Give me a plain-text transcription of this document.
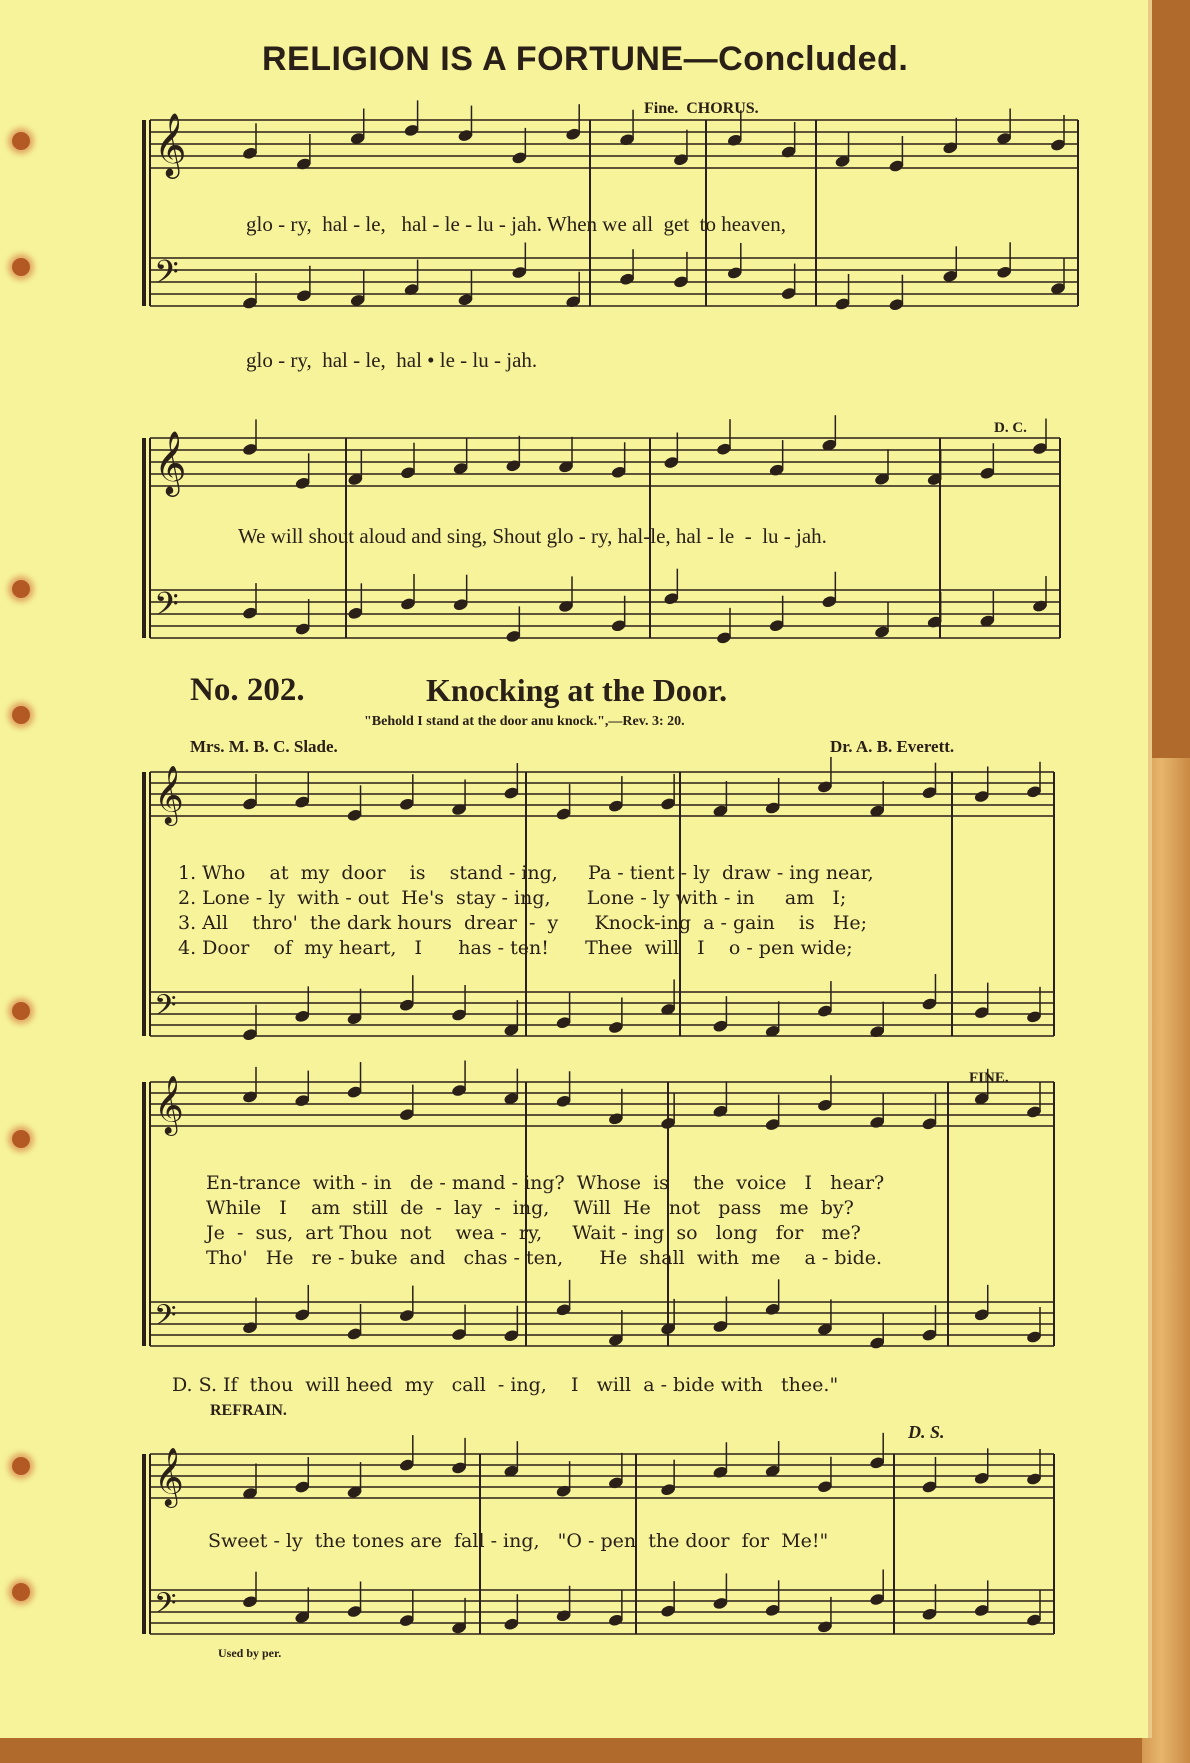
𝄞
𝄢
𝄞
𝄢
𝄞
𝄢
𝄞
𝄢
𝄞
𝄢
RELIGION IS A FORTUNE—Concluded.
Fine.  CHORUS.
glo - ry,  hal - le,   hal - le - lu - jah. When we all  get  to heaven,
glo - ry,  hal - le,  hal • le - lu - jah.
D. C.
We will shout aloud and sing, Shout glo - ry, hal-le, hal - le  -  lu - jah.
No. 202.	Knocking at the Door.
"Behold I stand at the door anu knock.",—Rev. 3: 20.
Mrs. M. B. C. Slade.	Dr. A. B. Everett.
1. Who    at  my  door    is    stand - ing,     Pa - tient - ly  draw - ing near,
2. Lone - ly  with - out  He's  stay - ing,      Lone - ly with - in     am   I;
3. All    thro'  the dark hours  drear  -  y      Knock-ing  a - gain    is   He;
4. Door    of  my heart,   I      has - ten!      Thee  will   I    o - pen wide;
FINE.
En-trance  with - in   de - mand - ing?  Whose  is    the  voice   I   hear?
While   I    am  still  de  -  lay  -  ing,    Will  He   not   pass   me  by?
Je  -  sus,  art Thou  not    wea -  ry,     Wait - ing  so   long   for   me?
Tho'   He   re - buke  and   chas - ten,      He  shall  with  me    a - bide.
D. S. If  thou  will heed  my   call  - ing,    I   will  a - bide with   thee."
REFRAIN.
D. S.
Sweet - ly  the tones are  fall - ing,   "O - pen  the door  for  Me!"
Used by per.
